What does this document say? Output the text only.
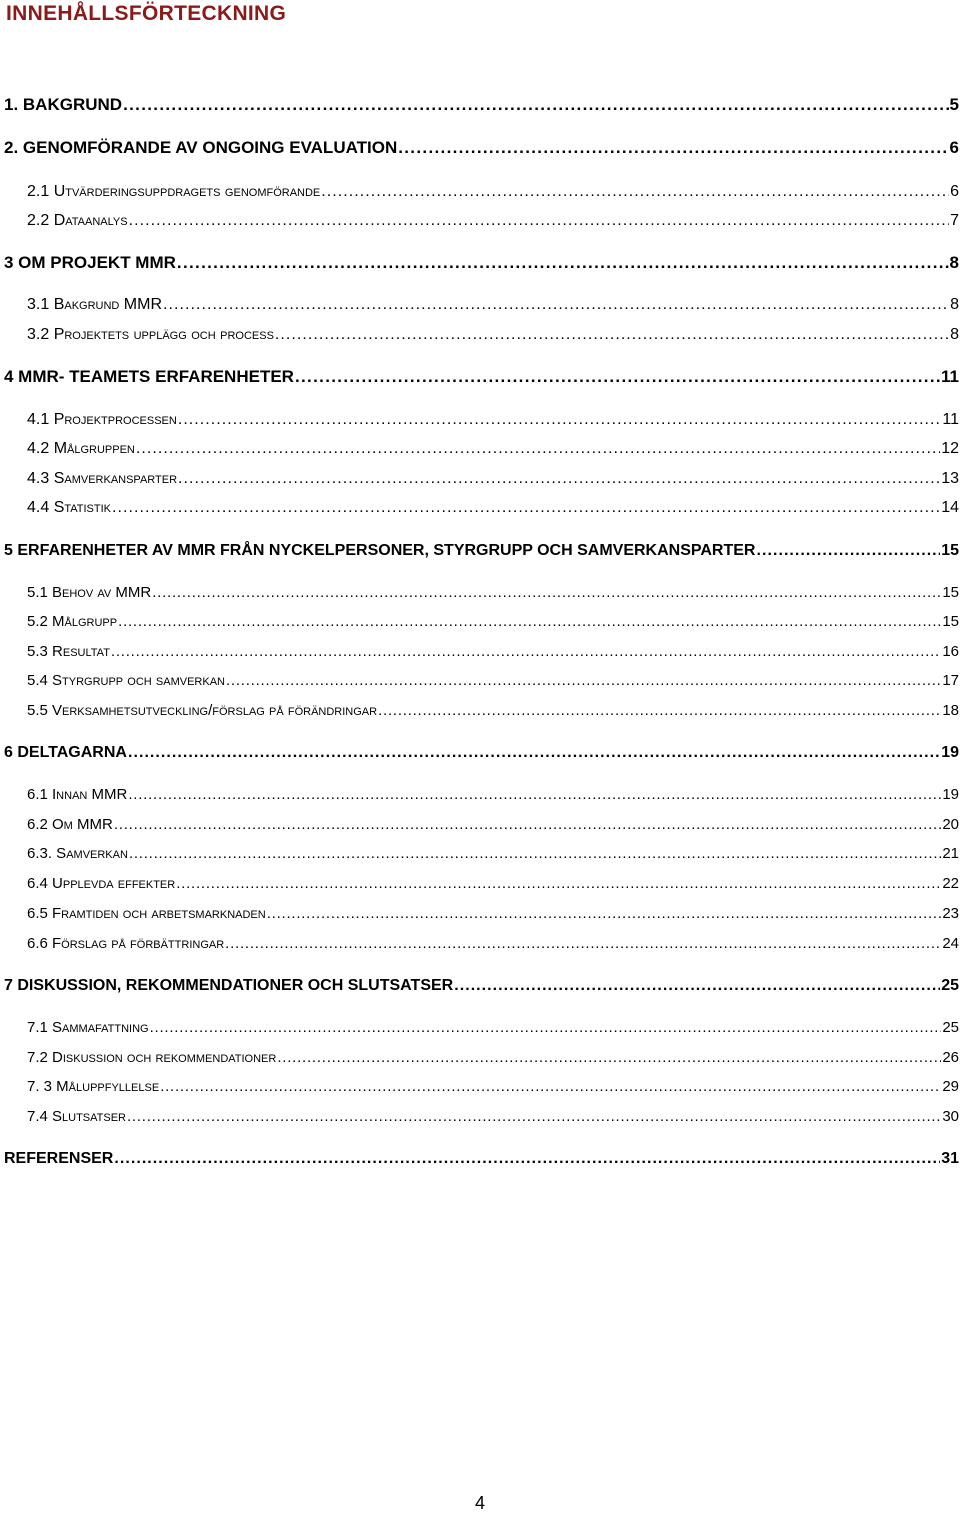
INNEHÅLLSFÖRTECKNING
1. BAKGRUND . . .	5
2. GENOMFÖRANDE AV ONGOING EVALUATION . . .	6
2.1 Utvärderingsuppdragets genomförande . . .	6
2.2 Dataanalys . . .	7
3 OM PROJEKT MMR . . .	8
3.1 Bakgrund MMR . . .	8
3.2 Projektets upplägg och process . . .	8
4 MMR- TEAMETS ERFARENHETER . . .	11
4.1 Projektprocessen . . .	11
4.2 Målgruppen . . .	12
4.3 Samverkansparter . . .	13
4.4 Statistik . . .	14
5 ERFARENHETER AV MMR FRÅN NYCKELPERSONER, STYRGRUPP OCH SAMVERKANSPARTER . . .	15
5.1 Behov av MMR . . .	15
5.2 Målgrupp . . .	15
5.3 Resultat . . .	16
5.4 Styrgrupp och samverkan . . .	17
5.5 Verksamhetsutveckling/förslag på förändringar . . .	18
6 DELTAGARNA . . .	19
6.1 Innan MMR . . .	19
6.2 Om MMR . . .	20
6.3. Samverkan . . .	21
6.4 Upplevda effekter . . .	22
6.5 Framtiden och arbetsmarknaden . . .	23
6.6 Förslag på förbättringar . . .	24
7 DISKUSSION, REKOMMENDATIONER OCH SLUTSATSER . . .	25
7.1 Sammafattning . . .	25
7.2 Diskussion och rekommendationer . . .	26
7. 3 Måluppfyllelse . . .	29
7.4 Slutsatser . . .	30
REFERENSER . . .	31
4
